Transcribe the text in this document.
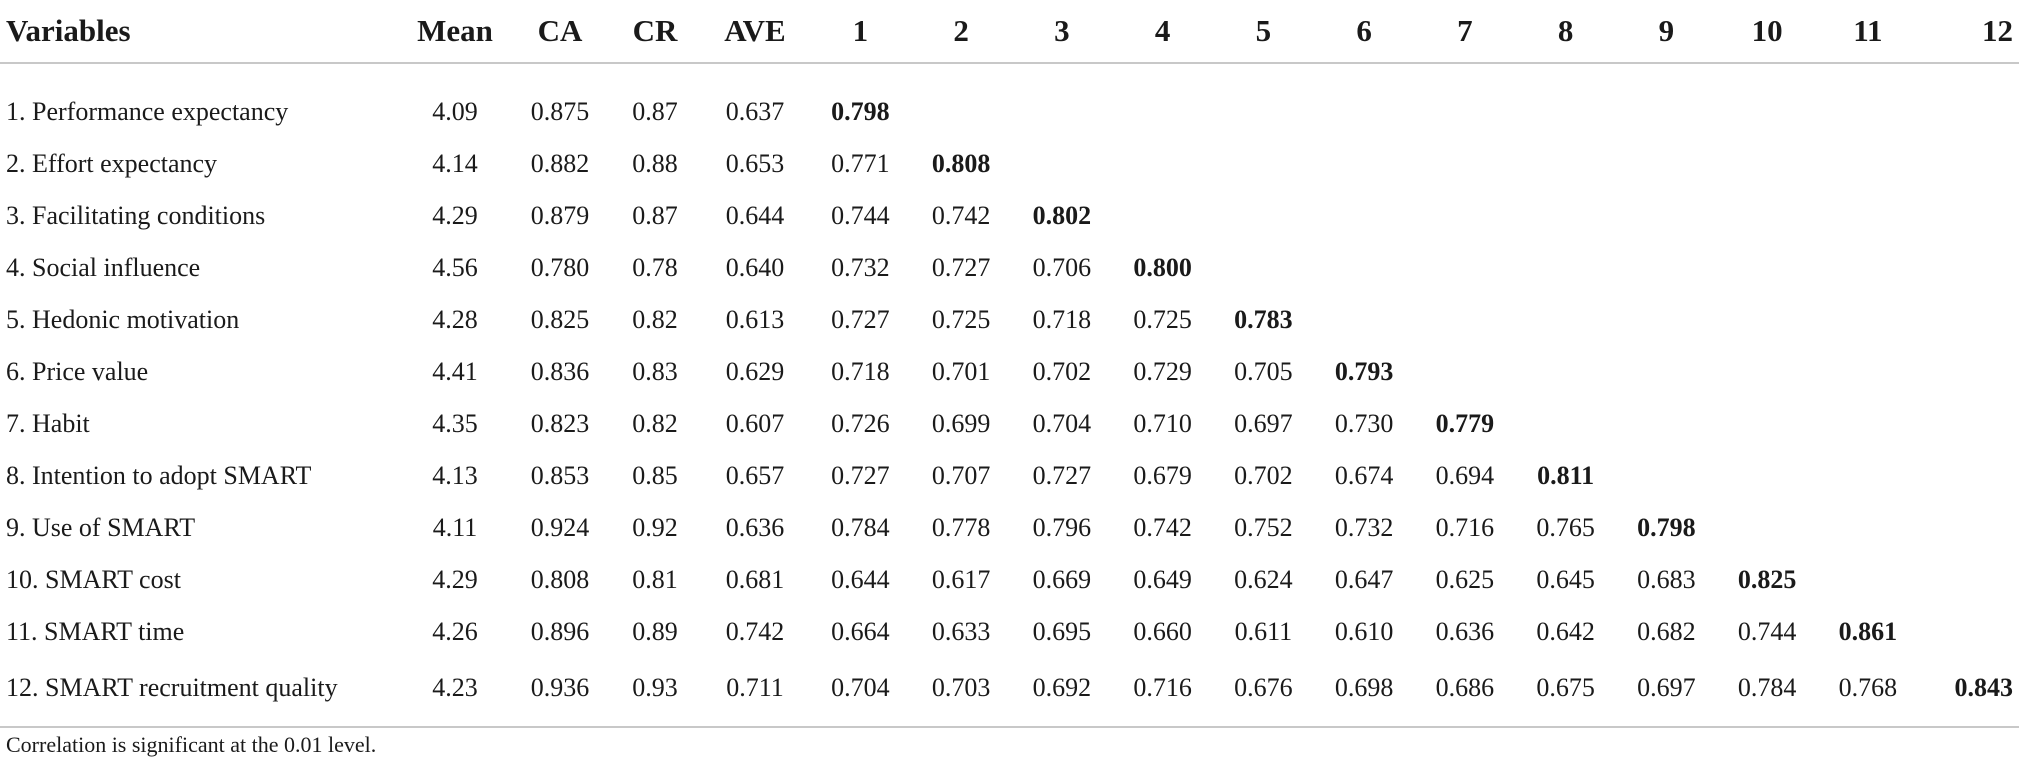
Variables	Mean	CA	CR	AVE	1	2	3	4	5	6	7	8	9	10	11	12
1. Performance expectancy	4.09	0.875	0.87	0.637	0.798											
2. Effort expectancy	4.14	0.882	0.88	0.653	0.771	0.808										
3. Facilitating conditions	4.29	0.879	0.87	0.644	0.744	0.742	0.802									
4. Social influence	4.56	0.780	0.78	0.640	0.732	0.727	0.706	0.800								
5. Hedonic motivation	4.28	0.825	0.82	0.613	0.727	0.725	0.718	0.725	0.783							
6. Price value	4.41	0.836	0.83	0.629	0.718	0.701	0.702	0.729	0.705	0.793						
7. Habit	4.35	0.823	0.82	0.607	0.726	0.699	0.704	0.710	0.697	0.730	0.779					
8. Intention to adopt SMART	4.13	0.853	0.85	0.657	0.727	0.707	0.727	0.679	0.702	0.674	0.694	0.811				
9. Use of SMART	4.11	0.924	0.92	0.636	0.784	0.778	0.796	0.742	0.752	0.732	0.716	0.765	0.798			
10. SMART cost	4.29	0.808	0.81	0.681	0.644	0.617	0.669	0.649	0.624	0.647	0.625	0.645	0.683	0.825		
11. SMART time	4.26	0.896	0.89	0.742	0.664	0.633	0.695	0.660	0.611	0.610	0.636	0.642	0.682	0.744	0.861	
12. SMART recruitment quality	4.23	0.936	0.93	0.711	0.704	0.703	0.692	0.716	0.676	0.698	0.686	0.675	0.697	0.784	0.768	0.843
Correlation is significant at the 0.01 level.
